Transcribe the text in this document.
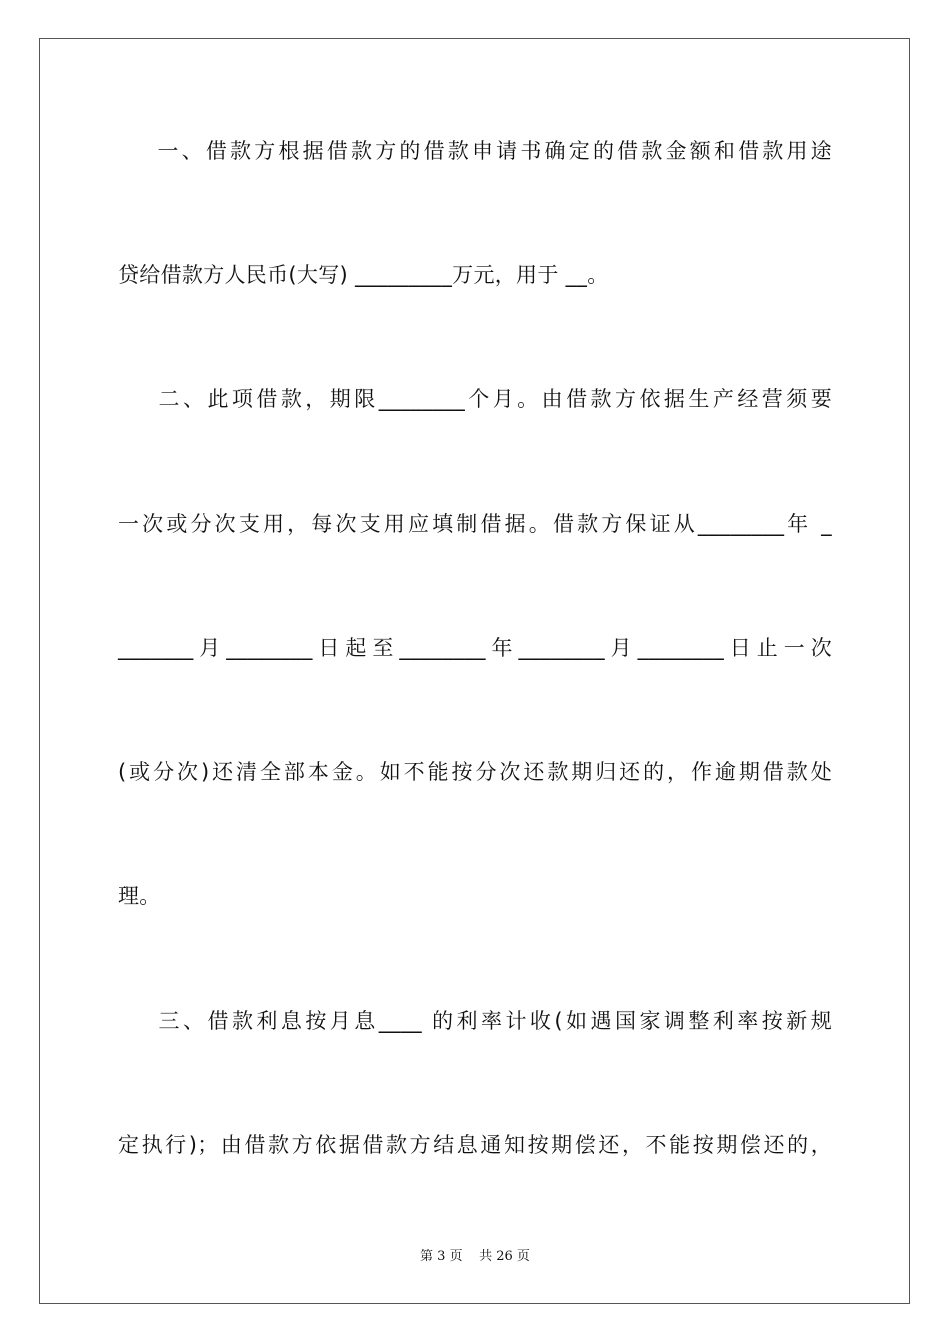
一、借款方根据借款方的借款申请书确定的借款金额和借款用途
贷给借款方人民币(大写) _________万元，用于 __。
二、此项借款，期限________个月。由借款方依据生产经营须要
一次或分次支用，每次支用应填制借据。借款方保证从________年 _
_______月________日起至________年________月________日止一次
(或分次)还清全部本金。如不能按分次还款期归还的，作逾期借款处
理。
三、借款利息按月息____ 的利率计收(如遇国家调整利率按新规
定执行)；由借款方依据借款方结息通知按期偿还，不能按期偿还的，
第 3 页 共 26 页
